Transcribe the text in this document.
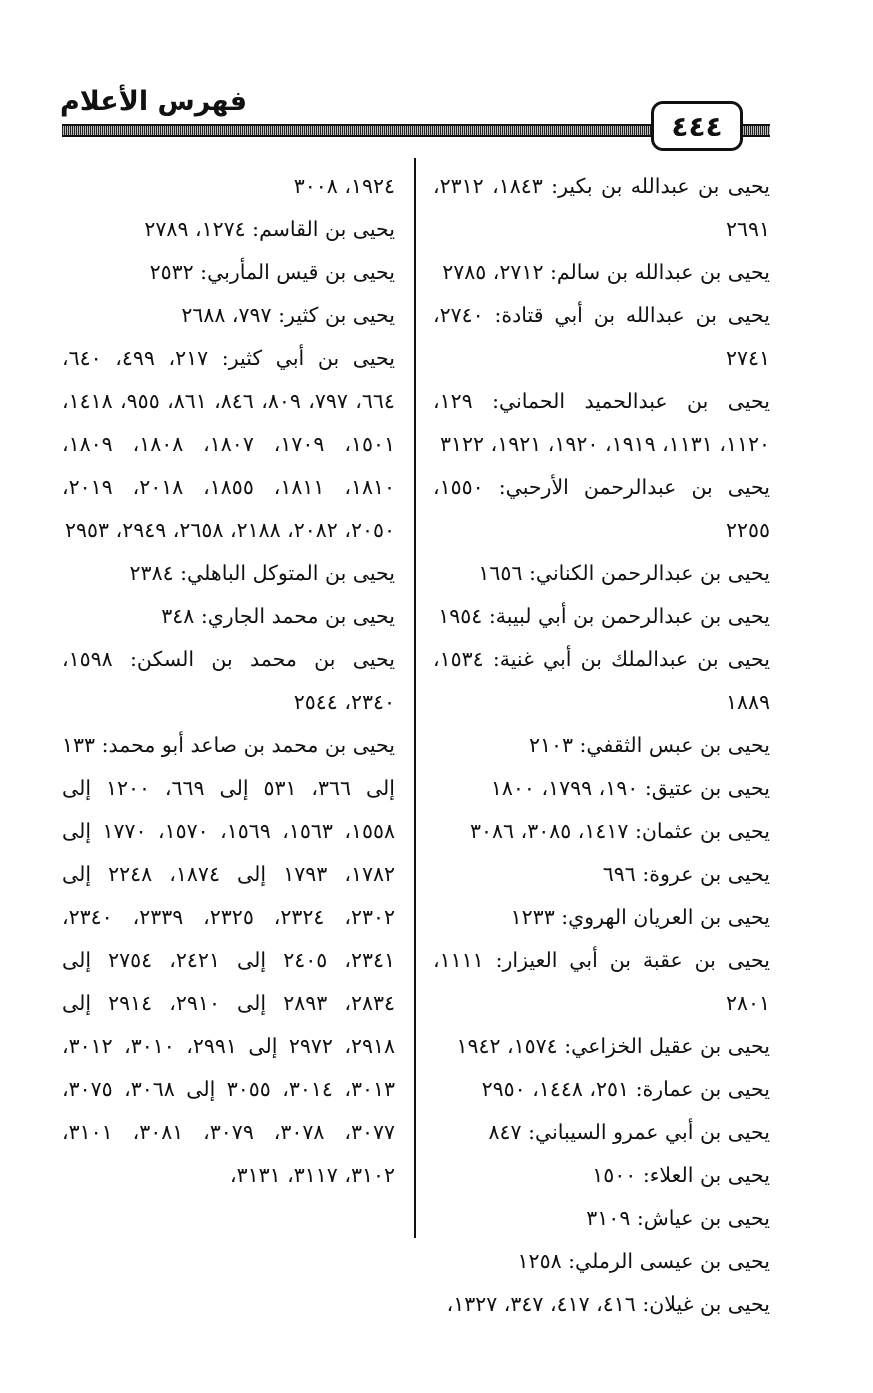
فهرس الأعلام
٤٤٤

يحيى بن عبدالله بن بكير: ١٨٤٣، ٢٣١٢، ٢٦٩١

يحيى بن عبدالله بن سالم: ٢٧١٢، ٢٧٨٥

يحيى بن عبدالله بن أبي قتادة: ٢٧٤٠، ٢٧٤١

يحيى بن عبدالحميد الحماني: ١٢٩، ١١٢٠، ١١٣١، ١٩١٩، ١٩٢٠، ١٩٢١، ٣١٢٢

يحيى بن عبدالرحمن الأرحبي: ١٥٥٠، ٢٢٥٥

يحيى بن عبدالرحمن الكناني: ١٦٥٦

يحيى بن عبدالرحمن بن أبي لبيبة: ١٩٥٤

يحيى بن عبدالملك بن أبي غنية: ١٥٣٤، ١٨٨٩

يحيى بن عبس الثقفي: ٢١٠٣

يحيى بن عتيق: ١٩٠، ١٧٩٩، ١٨٠٠

يحيى بن عثمان: ١٤١٧، ٣٠٨٥، ٣٠٨٦

يحيى بن عروة: ٦٩٦

يحيى بن العريان الهروي: ١٢٣٣

يحيى بن عقبة بن أبي العيزار: ١١١١، ٢٨٠١

يحيى بن عقيل الخزاعي: ١٥٧٤، ١٩٤٢

يحيى بن عمارة: ٢٥١، ١٤٤٨، ٢٩٥٠

يحيى بن أبي عمرو السيباني: ٨٤٧

يحيى بن العلاء: ١٥٠٠

يحيى بن عياش: ٣١٠٩

يحيى بن عيسى الرملي: ١٢٥٨

يحيى بن غيلان: ٤١٦، ٤١٧، ٣٤٧، ١٣٢٧،

١٩٢٤، ٣٠٠٨

يحيى بن القاسم: ١٢٧٤، ٢٧٨٩

يحيى بن قيس المأربي: ٢٥٣٢

يحيى بن كثير: ٧٩٧، ٢٦٨٨

يحيى بن أبي كثير: ٢١٧، ٤٩٩، ٦٤٠، ٦٦٤، ٧٩٧، ٨٠٩، ٨٤٦، ٨٦١، ٩٥٥، ١٤١٨، ١٥٠١، ١٧٠٩، ١٨٠٧، ١٨٠٨، ١٨٠٩، ١٨١٠، ١٨١١، ١٨٥٥، ٢٠١٨، ٢٠١٩، ٢٠٥٠، ٢٠٨٢، ٢١٨٨، ٢٦٥٨، ٢٩٤٩، ٢٩٥٣

يحيى بن المتوكل الباهلي: ٢٣٨٤

يحيى بن محمد الجاري: ٣٤٨

يحيى بن محمد بن السكن: ١٥٩٨، ٢٣٤٠، ٢٥٤٤

يحيى بن محمد بن صاعد أبو محمد: ١٣٣ إلى ٣٦٦، ٥٣١ إلى ٦٦٩، ١٢٠٠ إلى ١٥٥٨، ١٥٦٣، ١٥٦٩، ١٥٧٠، ١٧٧٠ إلى ١٧٨٢، ١٧٩٣ إلى ١٨٧٤، ٢٢٤٨ إلى ٢٣٠٢، ٢٣٢٤، ٢٣٢٥، ٢٣٣٩، ٢٣٤٠، ٢٣٤١، ٢٤٠٥ إلى ٢٤٢١، ٢٧٥٤ إلى ٢٨٣٤، ٢٨٩٣ إلى ٢٩١٠، ٢٩١٤ إلى ٢٩١٨، ٢٩٧٢ إلى ٢٩٩١، ٣٠١٠، ٣٠١٢، ٣٠١٣، ٣٠١٤، ٣٠٥٥ إلى ٣٠٦٨، ٣٠٧٥، ٣٠٧٧، ٣٠٧٨، ٣٠٧٩، ٣٠٨١، ٣١٠١، ٣١٠٢، ٣١١٧، ٣١٣١،
